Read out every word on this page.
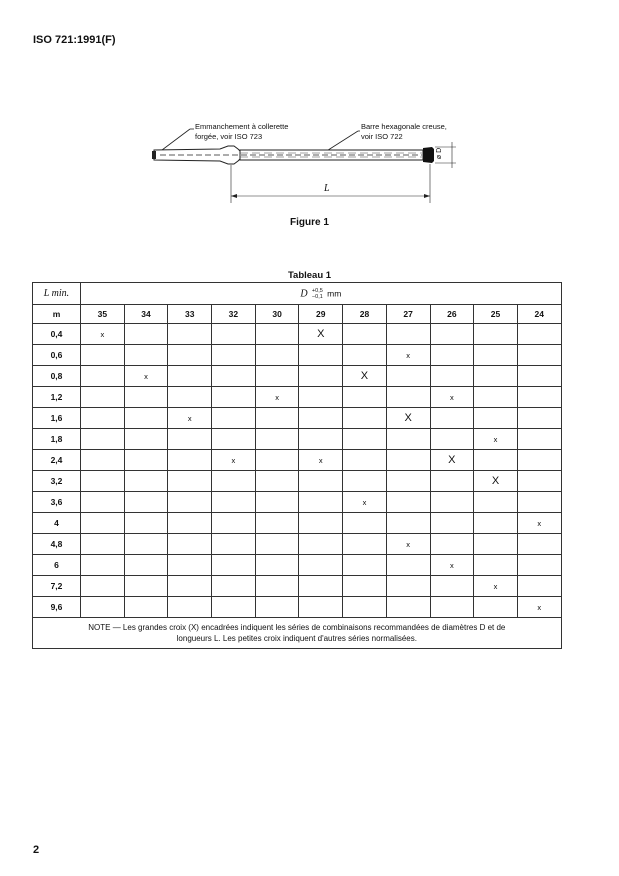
ISO 721:1991(F)
Emmanchement à collerette
forgée, voir ISO 723
Barre hexagonale creuse,
voir ISO 722
L
ø D
Figure 1
Tableau 1
L min.	D +0,5
−0,1 mm										
m	35	34	33	32	30	29	28	27	26	25	24
0,4	x					X					
0,6								x			
0,8		x					X				
1,2					x				x		
1,6			x					X			
1,8										x	
2,4				x		x			X		
3,2										X	
3,6							x				
4											x
4,8								x			
6									x		
7,2										x	
9,6											x
NOTE — Les grandes croix (X) encadrées indiquent les séries de combinaisons recommandées de diamètres D et de
longueurs L. Les petites croix indiquent d'autres séries normalisées.											
2
